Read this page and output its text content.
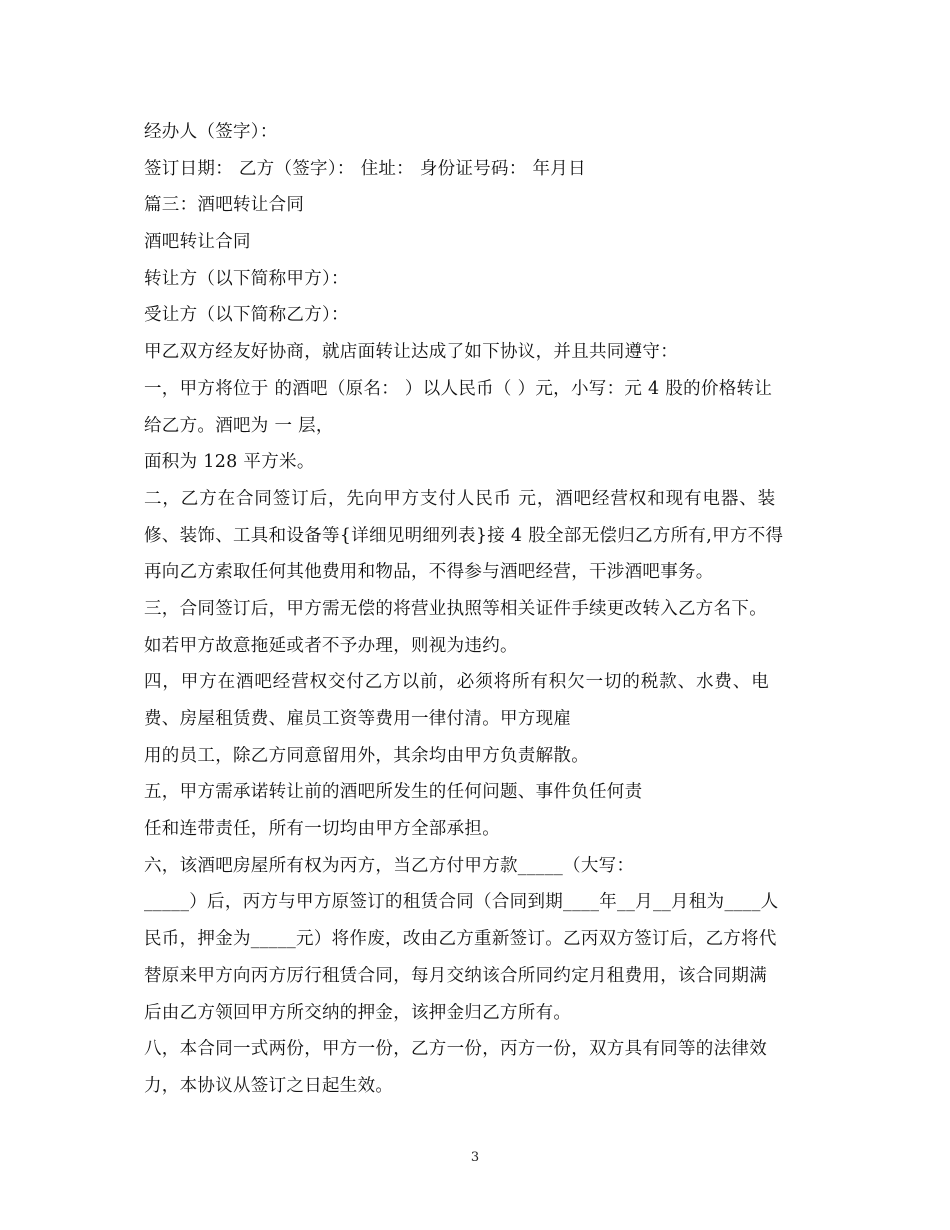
经办人（签字）：
签订日期： 乙方（签字）： 住址： 身份证号码： 年月日
篇三：酒吧转让合同
酒吧转让合同
转让方（以下简称甲方）：
受让方（以下简称乙方）：
甲乙双方经友好协商，就店面转让达成了如下协议，并且共同遵守：
一，甲方将位于 的酒吧（原名： ）以人民币（ ）元，小写：元 4 股的价格转让
给乙方。酒吧为 一 层，
面积为 128 平方米。
二，乙方在合同签订后，先向甲方支付人民币 元，酒吧经营权和现有电器、装
修、装饰、工具和设备等{详细见明细列表}接 4 股全部无偿归乙方所有,甲方不得
再向乙方索取任何其他费用和物品，不得参与酒吧经营，干涉酒吧事务。
三，合同签订后，甲方需无偿的将营业执照等相关证件手续更改转入乙方名下。
如若甲方故意拖延或者不予办理，则视为违约。
四，甲方在酒吧经营权交付乙方以前，必须将所有积欠一切的税款、水费、电
费、房屋租赁费、雇员工资等费用一律付清。甲方现雇
用的员工，除乙方同意留用外，其余均由甲方负责解散。
五，甲方需承诺转让前的酒吧所发生的任何问题、事件负任何责
任和连带责任，所有一切均由甲方全部承担。
六，该酒吧房屋所有权为丙方，当乙方付甲方款_____（大写：
_____）后，丙方与甲方原签订的租赁合同（合同到期____年__月__月租为____人
民币，押金为_____元）将作废，改由乙方重新签订。乙丙双方签订后，乙方将代
替原来甲方向丙方厉行租赁合同，每月交纳该合所同约定月租费用，该合同期满
后由乙方领回甲方所交纳的押金，该押金归乙方所有。
八，本合同一式两份，甲方一份，乙方一份，丙方一份，双方具有同等的法律效
力，本协议从签订之日起生效。
3
